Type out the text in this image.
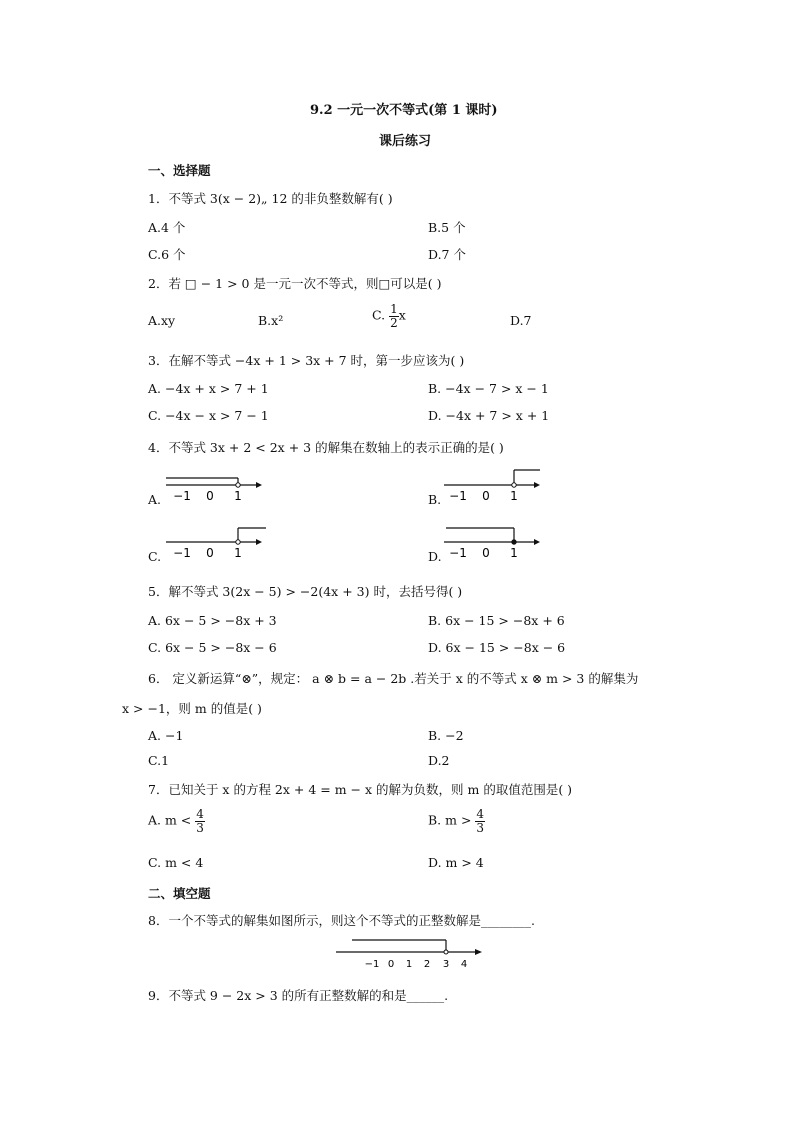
9.2 一元一次不等式(第 1 课时)
课后练习
一、选择题
1．不等式 3(x − 2)„ 12 的非负整数解有( )
A.4 个	B.5 个
C.6 个	D.7 个
2．若 □ − 1 > 0 是一元一次不等式，则□可以是( )
A.xy	B.x²	C. $\frac{1}{2}$ x	D.7
3．在解不等式 −4x + 1 > 3x + 7 时，第一步应该为( )
A. −4x + x > 7 + 1	B. −4x − 7 > x − 1
C. −4x − x > 7 − 1	D. −4x + 7 > x + 1
4．不等式 3x + 2 < 2x + 3 的解集在数轴上的表示正确的是( )
A. −1 0 1	B. −1 0 1
C. −1 0 1	D. −1 0 1
5．解不等式 3(2x − 5) > −2(4x + 3) 时，去括号得( )
A. 6x − 5 > −8x + 3	B. 6x − 15 > −8x + 6
C. 6x − 5 > −8x − 6	D. 6x − 15 > −8x − 6
6． 定义新运算“⊗”，规定： a ⊗ b = a − 2b .若关于 x 的不等式 x ⊗ m > 3 的解集为
x > −1，则 m 的值是( )
A. −1	B. −2
C.1	D.2
7．已知关于 x 的方程 2x + 4 = m − x 的解为负数，则 m 的取值范围是( )
A. $m < \frac{4}{3}$	B. $m > \frac{4}{3}$
C. m < 4	D. m > 4
二、填空题
8．一个不等式的解集如图所示，则这个不等式的正整数解是________.
−1 0 1 2 3 4
9．不等式 9 − 2x > 3 的所有正整数解的和是______.
